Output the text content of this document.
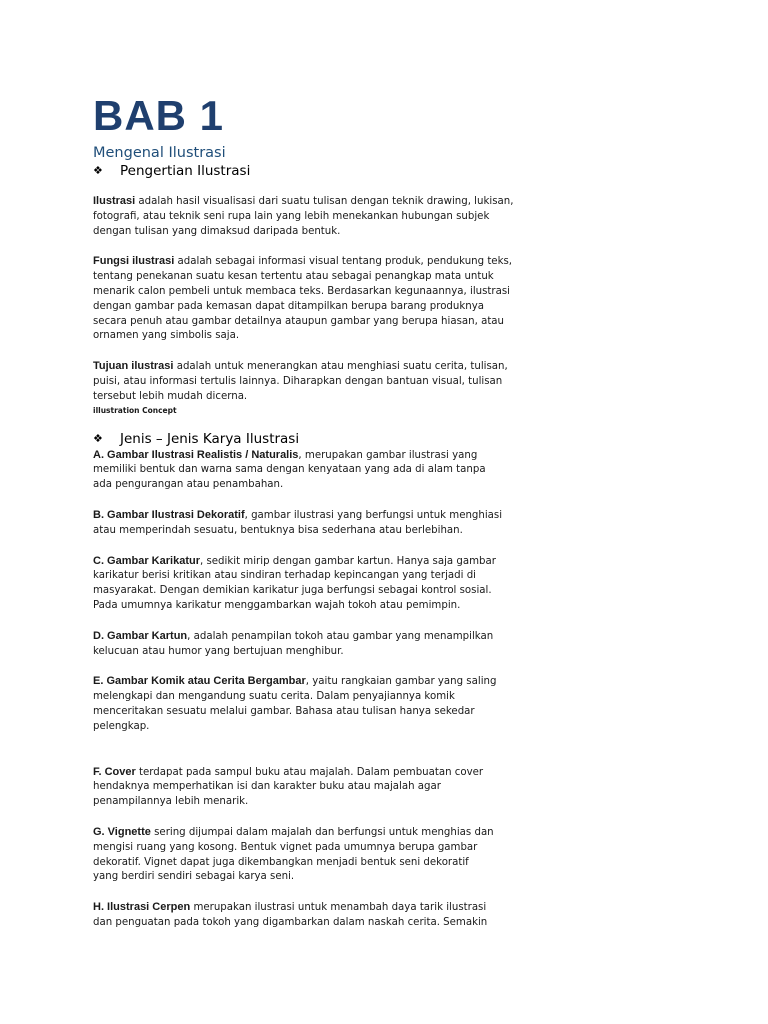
BAB 1
Mengenal Ilustrasi
❖	Pengertian Ilustrasi

Ilustrasi adalah hasil visualisasi dari suatu tulisan dengan teknik drawing, lukisan,
fotografi, atau teknik seni rupa lain yang lebih menekankan hubungan subjek
dengan tulisan yang dimaksud daripada bentuk.

Fungsi ilustrasi adalah sebagai informasi visual tentang produk, pendukung teks,
tentang penekanan suatu kesan tertentu atau sebagai penangkap mata untuk
menarik calon pembeli untuk membaca teks. Berdasarkan kegunaannya, ilustrasi
dengan gambar pada kemasan dapat ditampilkan berupa barang produknya
secara penuh atau gambar detailnya ataupun gambar yang berupa hiasan, atau
ornamen yang simbolis saja.

Tujuan ilustrasi adalah untuk menerangkan atau menghiasi suatu cerita, tulisan,
puisi, atau informasi tertulis lainnya. Diharapkan dengan bantuan visual, tulisan
tersebut lebih mudah dicerna.

illustration Concept
❖	Jenis – Jenis Karya Ilustrasi

A. Gambar Ilustrasi Realistis / Naturalis, merupakan gambar ilustrasi yang
memiliki bentuk dan warna sama dengan kenyataan yang ada di alam tanpa
ada pengurangan atau penambahan.

B. Gambar Ilustrasi Dekoratif, gambar ilustrasi yang berfungsi untuk menghiasi
atau memperindah sesuatu, bentuknya bisa sederhana atau berlebihan.

C. Gambar Karikatur, sedikit mirip dengan gambar kartun. Hanya saja gambar
karikatur berisi kritikan atau sindiran terhadap kepincangan yang terjadi di
masyarakat. Dengan demikian karikatur juga berfungsi sebagai kontrol sosial.
Pada umumnya karikatur menggambarkan wajah tokoh atau pemimpin.

D. Gambar Kartun, adalah penampilan tokoh atau gambar yang menampilkan
kelucuan atau humor yang bertujuan menghibur.

E. Gambar Komik atau Cerita Bergambar, yaitu rangkaian gambar yang saling
melengkapi dan mengandung suatu cerita. Dalam penyajiannya komik
menceritakan sesuatu melalui gambar. Bahasa atau tulisan hanya sekedar
pelengkap.

F. Cover terdapat pada sampul buku atau majalah. Dalam pembuatan cover
hendaknya memperhatikan isi dan karakter buku atau majalah agar
penampilannya lebih menarik.

G. Vignette sering dijumpai dalam majalah dan berfungsi untuk menghias dan
mengisi ruang yang kosong. Bentuk vignet pada umumnya berupa gambar
dekoratif. Vignet dapat juga dikembangkan menjadi bentuk seni dekoratif
yang berdiri sendiri sebagai karya seni.

H. Ilustrasi Cerpen merupakan ilustrasi untuk menambah daya tarik ilustrasi
dan penguatan pada tokoh yang digambarkan dalam naskah cerita. Semakin
